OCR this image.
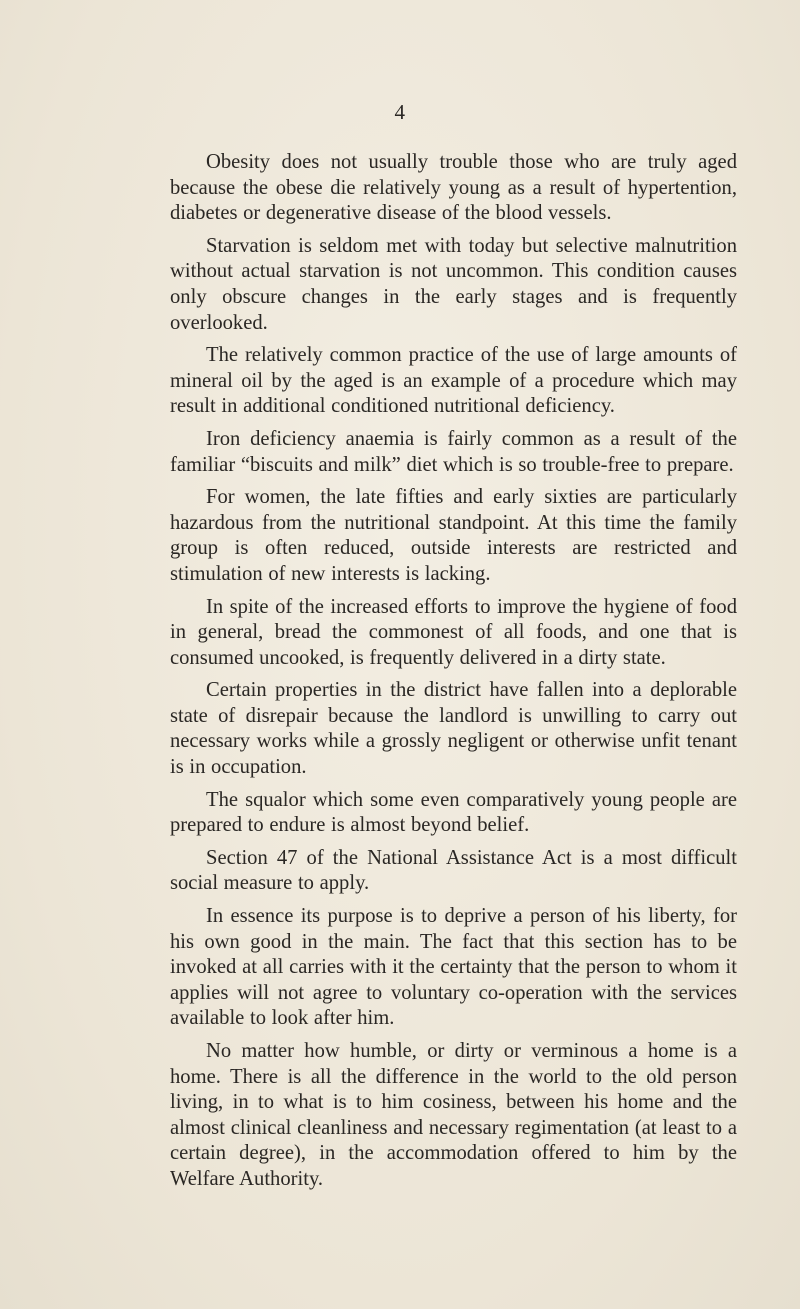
4

Obesity does not usually trouble those who are truly aged because the obese die relatively young as a result of hypertention, diabetes or degenerative disease of the blood vessels.

Starvation is seldom met with today but selective malnutrition without actual starvation is not uncommon. This condition causes only obscure changes in the early stages and is frequently overlooked.

The relatively common practice of the use of large amounts of mineral oil by the aged is an example of a procedure which may result in additional conditioned nutritional deficiency.

Iron deficiency anaemia is fairly common as a result of the familiar “biscuits and milk” diet which is so trouble-free to prepare.

For women, the late fifties and early sixties are particularly hazardous from the nutritional standpoint. At this time the family group is often reduced, outside interests are restricted and stimulation of new interests is lacking.

In spite of the increased efforts to improve the hygiene of food in general, bread the commonest of all foods, and one that is consumed uncooked, is frequently delivered in a dirty state.

Certain properties in the district have fallen into a deplorable state of disrepair because the landlord is unwilling to carry out necessary works while a grossly negligent or otherwise unfit tenant is in occupation.

The squalor which some even comparatively young people are prepared to endure is almost beyond belief.

Section 47 of the National Assistance Act is a most difficult social measure to apply.

In essence its purpose is to deprive a person of his liberty, for his own good in the main. The fact that this section has to be invoked at all carries with it the certainty that the person to whom it applies will not agree to voluntary co-operation with the services available to look after him.

No matter how humble, or dirty or verminous a home is a home. There is all the difference in the world to the old person living, in to what is to him cosiness, between his home and the almost clinical cleanliness and necessary regimentation (at least to a certain degree), in the accommodation offered to him by the Welfare Authority.
